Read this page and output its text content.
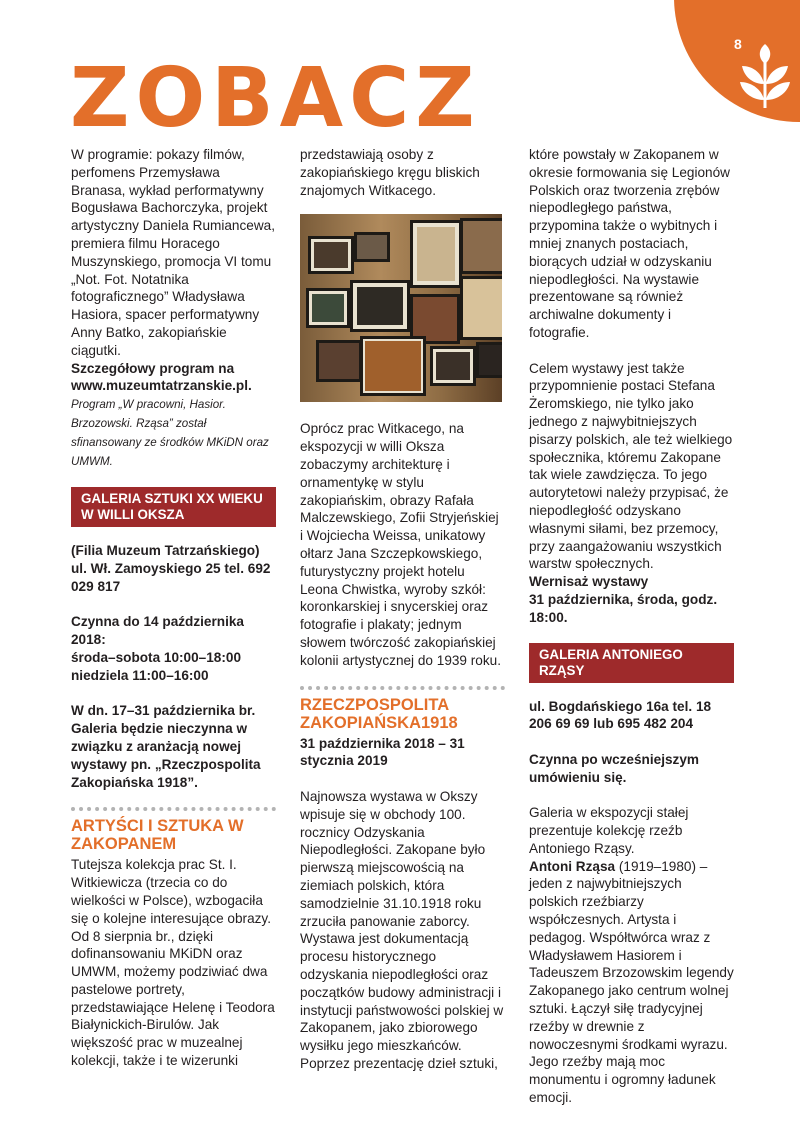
8
ZOBACZ

W programie: pokazy filmów, perfomens Przemysława Branasa, wykład performatywny Bogusława Bachorczyka, projekt artystyczny Daniela Rumiancewa, premiera filmu Horacego Muszynskiego, promocja VI tomu „Not. Fot. Notatnika fotograficznego” Władysława Hasiora, spacer performatywny Anny Batko, zakopiańskie ciągutki.

Szczegółowy program na www.muzeumtatrzanskie.pl.

Program „W pracowni, Hasior. Brzozowski. Rząsa” został sfinansowany ze środków MKiDN oraz UMWM.

GALERIA SZTUKI XX WIEKU W WILLI OKSZA

(Filia Muzeum Tatrzańskiego) ul. Wł. Zamoyskiego 25 tel. 692 029 817

Czynna do 14 października 2018:

środa–sobota 10:00–18:00

niedziela 11:00–16:00

W dn. 17–31 października br. Galeria będzie nieczynna w związku z aranżacją nowej wystawy pn. „Rzeczpospolita Zakopiańska 1918”.

ARTYŚCI I SZTUKA W ZAKOPANEM

Tutejsza kolekcja prac St. I. Witkiewicza (trzecia co do wielkości w Polsce), wzbogaciła się o kolejne interesujące obrazy. Od 8 sierpnia br., dzięki dofinansowaniu MKiDN oraz UMWM, możemy podziwiać dwa pastelowe portrety, przedstawiające Helenę i Teodora Białynickich-Birulów. Jak większość prac w muzealnej kolekcji, także i te wizerunki

przedstawiają osoby z zakopiańskiego kręgu bliskich znajomych Witkacego.

Oprócz prac Witkacego, na ekspozycji w willi Oksza zobaczymy architekturę i ornamentykę w stylu zakopiańskim, obrazy Rafała Malczewskiego, Zofii Stryjeńskiej i Wojciecha Weissa, unikatowy ołtarz Jana Szczepkowskiego, futurystyczny projekt hotelu Leona Chwistka, wyroby szkół: koronkarskiej i snycerskiej oraz fotografie i plakaty; jednym słowem twórczość zakopiańskiej kolonii artystycznej do 1939 roku.

RZECZPOSPOLITA ZAKOPIAŃSKA1918

31 października 2018 – 31 stycznia 2019

Najnowsza wystawa w Okszy wpisuje się w obchody 100. rocznicy Odzyskania Niepodległości. Zakopane było pierwszą miejscowością na ziemiach polskich, która samodzielnie 31.10.1918 roku zrzuciła panowanie zaborcy. Wystawa jest dokumentacją procesu historycznego odzyskania niepodległości oraz początków budowy administracji i instytucji państwowości polskiej w Zakopanem, jako zbiorowego wysiłku jego mieszkańców. Poprzez prezentację dzieł sztuki,

które powstały w Zakopanem w okresie formowania się Legionów Polskich oraz tworzenia zrębów niepodległego państwa, przypomina także o wybitnych i mniej znanych postaciach, biorących udział w odzyskaniu niepodległości. Na wystawie prezentowane są również archiwalne dokumenty i fotografie.

Celem wystawy jest także przypomnienie postaci Stefana Żeromskiego, nie tylko jako jednego z najwybitniejszych pisarzy polskich, ale też wielkiego społecznika, któremu Zakopane tak wiele zawdzięcza. To jego autorytetowi należy przypisać, że niepodległość odzyskano własnymi siłami, bez przemocy, przy zaangażowaniu wszystkich warstw społecznych.

Wernisaż wystawy

31 października, środa, godz. 18:00.

GALERIA ANTONIEGO RZĄSY

ul. Bogdańskiego 16a tel. 18 206 69 69 lub 695 482 204

Czynna po wcześniejszym umówieniu się.

Galeria w ekspozycji stałej prezentuje kolekcję rzeźb Antoniego Rząsy.

Antoni Rząsa (1919–1980) – jeden z najwybitniejszych polskich rzeźbiarzy współczesnych. Artysta i pedagog. Współtwórca wraz z Władysławem Hasiorem i Tadeuszem Brzozowskim legendy Zakopanego jako centrum wolnej sztuki. Łączył siłę tradycyjnej rzeźby w drewnie z nowoczesnymi środkami wyrazu. Jego rzeźby mają moc monumentu i ogromny ładunek emocji.
